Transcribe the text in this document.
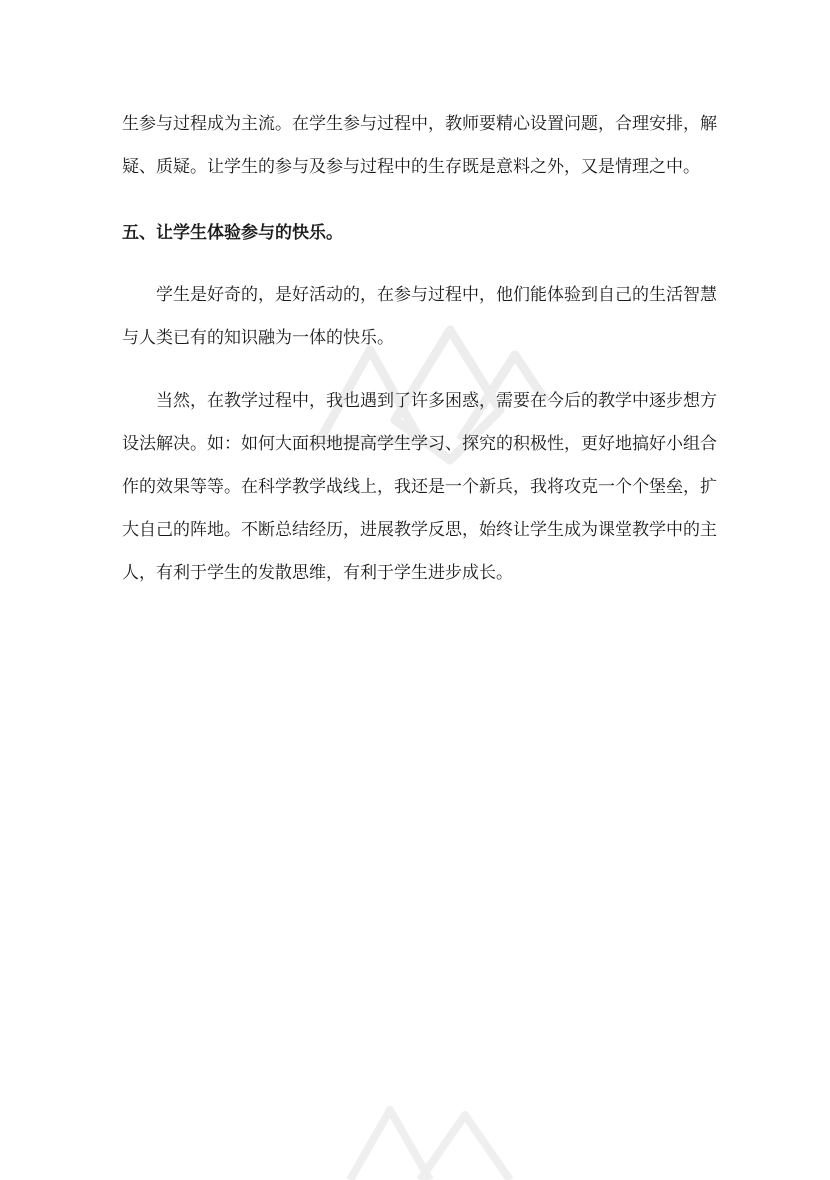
生参与过程成为主流。在学生参与过程中，教师要精心设置问题，合理安排，解
疑、质疑。让学生的参与及参与过程中的生存既是意料之外，又是情理之中。
五、让学生体验参与的快乐。
学生是好奇的，是好活动的，在参与过程中，他们能体验到自己的生活智慧
与人类已有的知识融为一体的快乐。
当然，在教学过程中，我也遇到了许多困惑，需要在今后的教学中逐步想方
设法解决。如：如何大面积地提高学生学习、探究的积极性，更好地搞好小组合
作的效果等等。在科学教学战线上，我还是一个新兵，我将攻克一个个堡垒，扩
大自己的阵地。不断总结经历，进展教学反思，始终让学生成为课堂教学中的主
人，有利于学生的发散思维，有利于学生进步成长。
